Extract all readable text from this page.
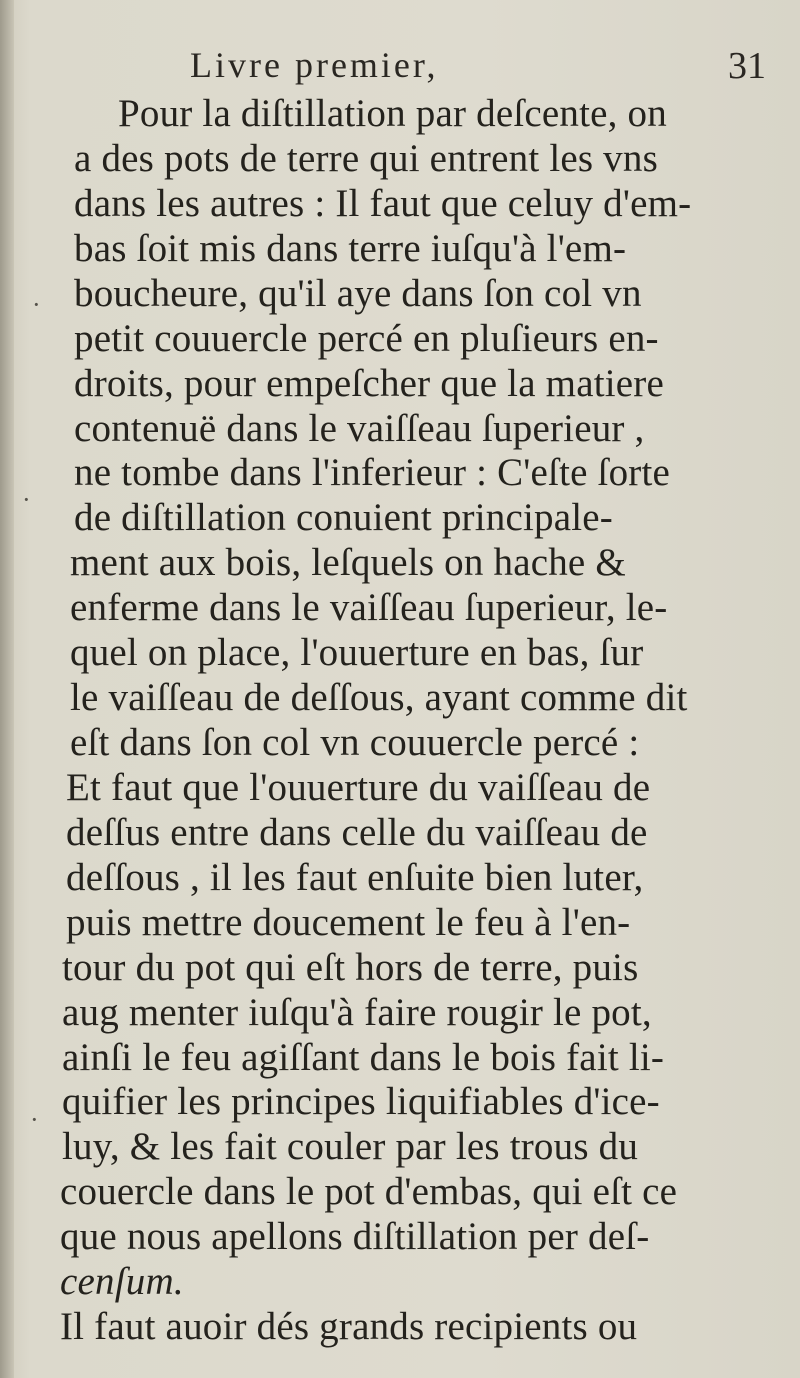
Livre premier,	31
·
·
·
Pour la diſtillation par deſcente, on
a des pots de terre qui entrent les vns
dans les autres : Il faut que celuy d'em-
bas ſoit mis dans terre iuſqu'à l'em-
boucheure, qu'il aye dans ſon col vn
petit couuercle percé en pluſieurs en-
droits, pour empeſcher que la matiere
contenuë dans le vaiſſeau ſuperieur ,
ne tombe dans l'inferieur : C'eſte ſorte
de diſtillation conuient principale-
ment aux bois, leſquels on hache &
enferme dans le vaiſſeau ſuperieur, le-
quel on place, l'ouuerture en bas, ſur
le vaiſſeau de deſſous, ayant comme dit
eſt dans ſon col vn couuercle percé :
Et faut que l'ouuerture du vaiſſeau de
deſſus entre dans celle du vaiſſeau de
deſſous , il les faut enſuite bien luter,
puis mettre doucement le feu à l'en-
tour du pot qui eſt hors de terre, puis
aug menter iuſqu'à faire rougir le pot,
ainſi le feu agiſſant dans le bois fait li-
quifier les principes liquifiables d'ice-
luy, & les fait couler par les trous du
couercle dans le pot d'embas, qui eſt ce
que nous apellons diſtillation per deſ-
cenſum.
Il faut auoir dés grands recipients ou
